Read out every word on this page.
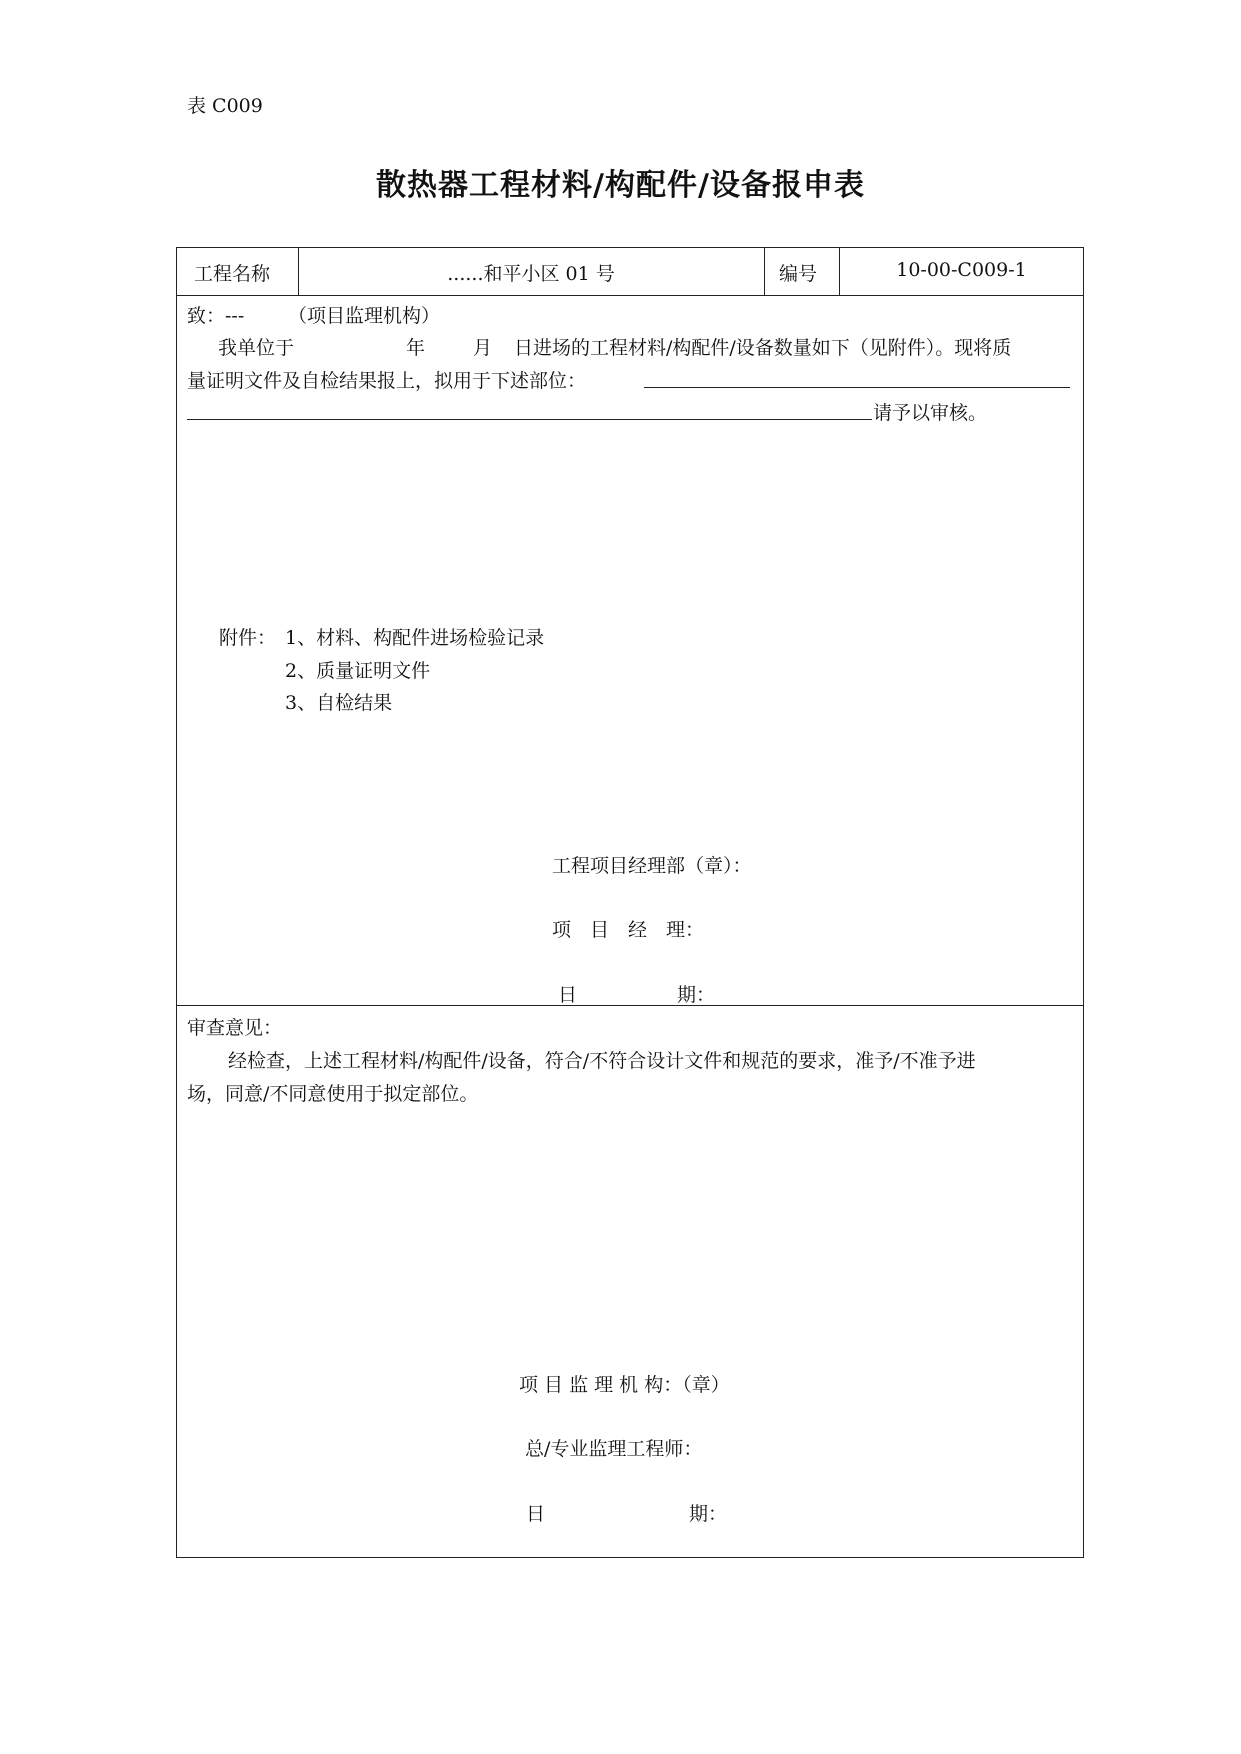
表 C009
散热器工程材料/构配件/设备报申表
工程名称	......和平小区 01 号	编号	10-00-C009-1
致：--- （项目监理机构）
我单位于	年	月 日进场的工程材料/构配件/设备数量如下（见附件）。现将质
量证明文件及自检结果报上，拟用于下述部位：
请予以审核。
附件： 1、材料、构配件进场检验记录
2、质量证明文件
3、自检结果
工程项目经理部（章）：
项　目　经　理：
日	期：
审查意见：
经检查，上述工程材料/构配件/设备，符合/不符合设计文件和规范的要求，准予/不准予进
场，同意/不同意使用于拟定部位。
项 目 监 理 机 构：（章）
总/专业监理工程师：
日	期：
